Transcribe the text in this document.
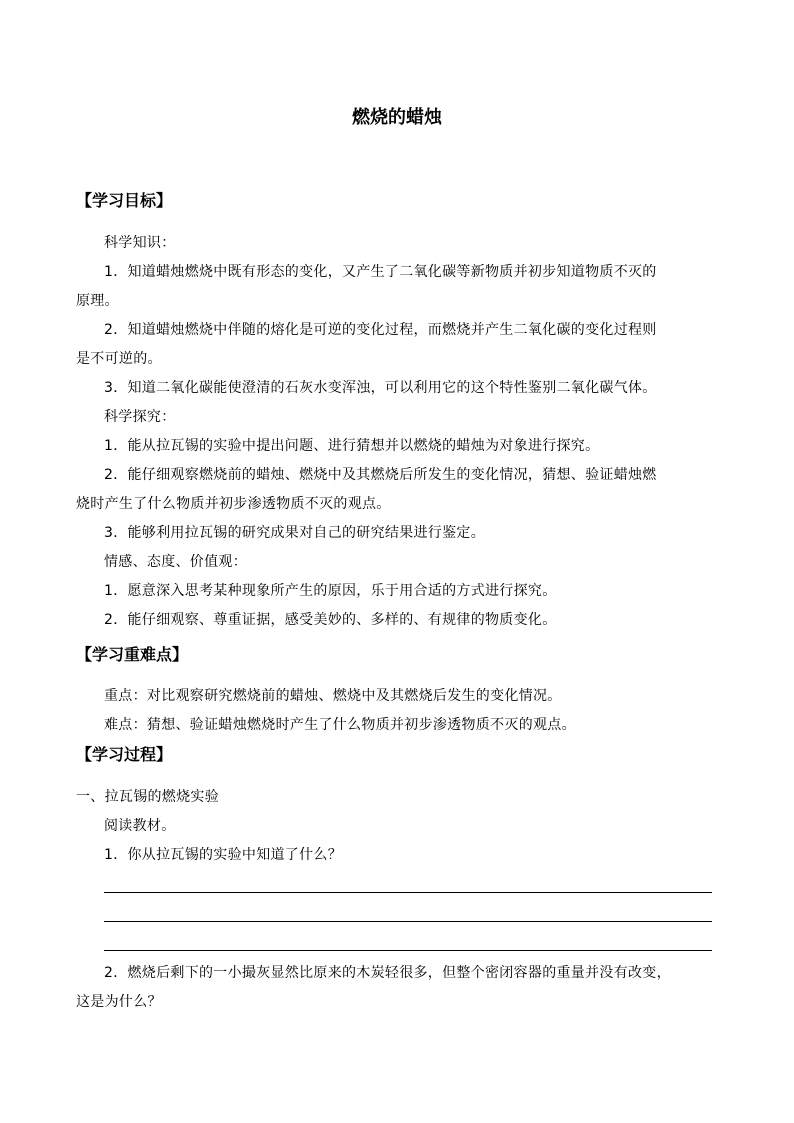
燃烧的蜡烛
【学习目标】
科学知识：
1．知道蜡烛燃烧中既有形态的变化，又产生了二氧化碳等新物质并初步知道物质不灭的
原理。
2．知道蜡烛燃烧中伴随的熔化是可逆的变化过程，而燃烧并产生二氧化碳的变化过程则
是不可逆的。
3．知道二氧化碳能使澄清的石灰水变浑浊，可以利用它的这个特性鉴别二氧化碳气体。
科学探究：
1．能从拉瓦锡的实验中提出问题、进行猜想并以燃烧的蜡烛为对象进行探究。
2．能仔细观察燃烧前的蜡烛、燃烧中及其燃烧后所发生的变化情况，猜想、验证蜡烛燃
烧时产生了什么物质并初步渗透物质不灭的观点。
3．能够利用拉瓦锡的研究成果对自己的研究结果进行鉴定。
情感、态度、价值观：
1．愿意深入思考某种现象所产生的原因，乐于用合适的方式进行探究。
2．能仔细观察、尊重证据，感受美妙的、多样的、有规律的物质变化。
【学习重难点】
重点：对比观察研究燃烧前的蜡烛、燃烧中及其燃烧后发生的变化情况。
难点：猜想、验证蜡烛燃烧时产生了什么物质并初步渗透物质不灭的观点。
【学习过程】
一、拉瓦锡的燃烧实验
阅读教材。
1．你从拉瓦锡的实验中知道了什么？
2．燃烧后剩下的一小撮灰显然比原来的木炭轻很多，但整个密闭容器的重量并没有改变，
这是为什么？
